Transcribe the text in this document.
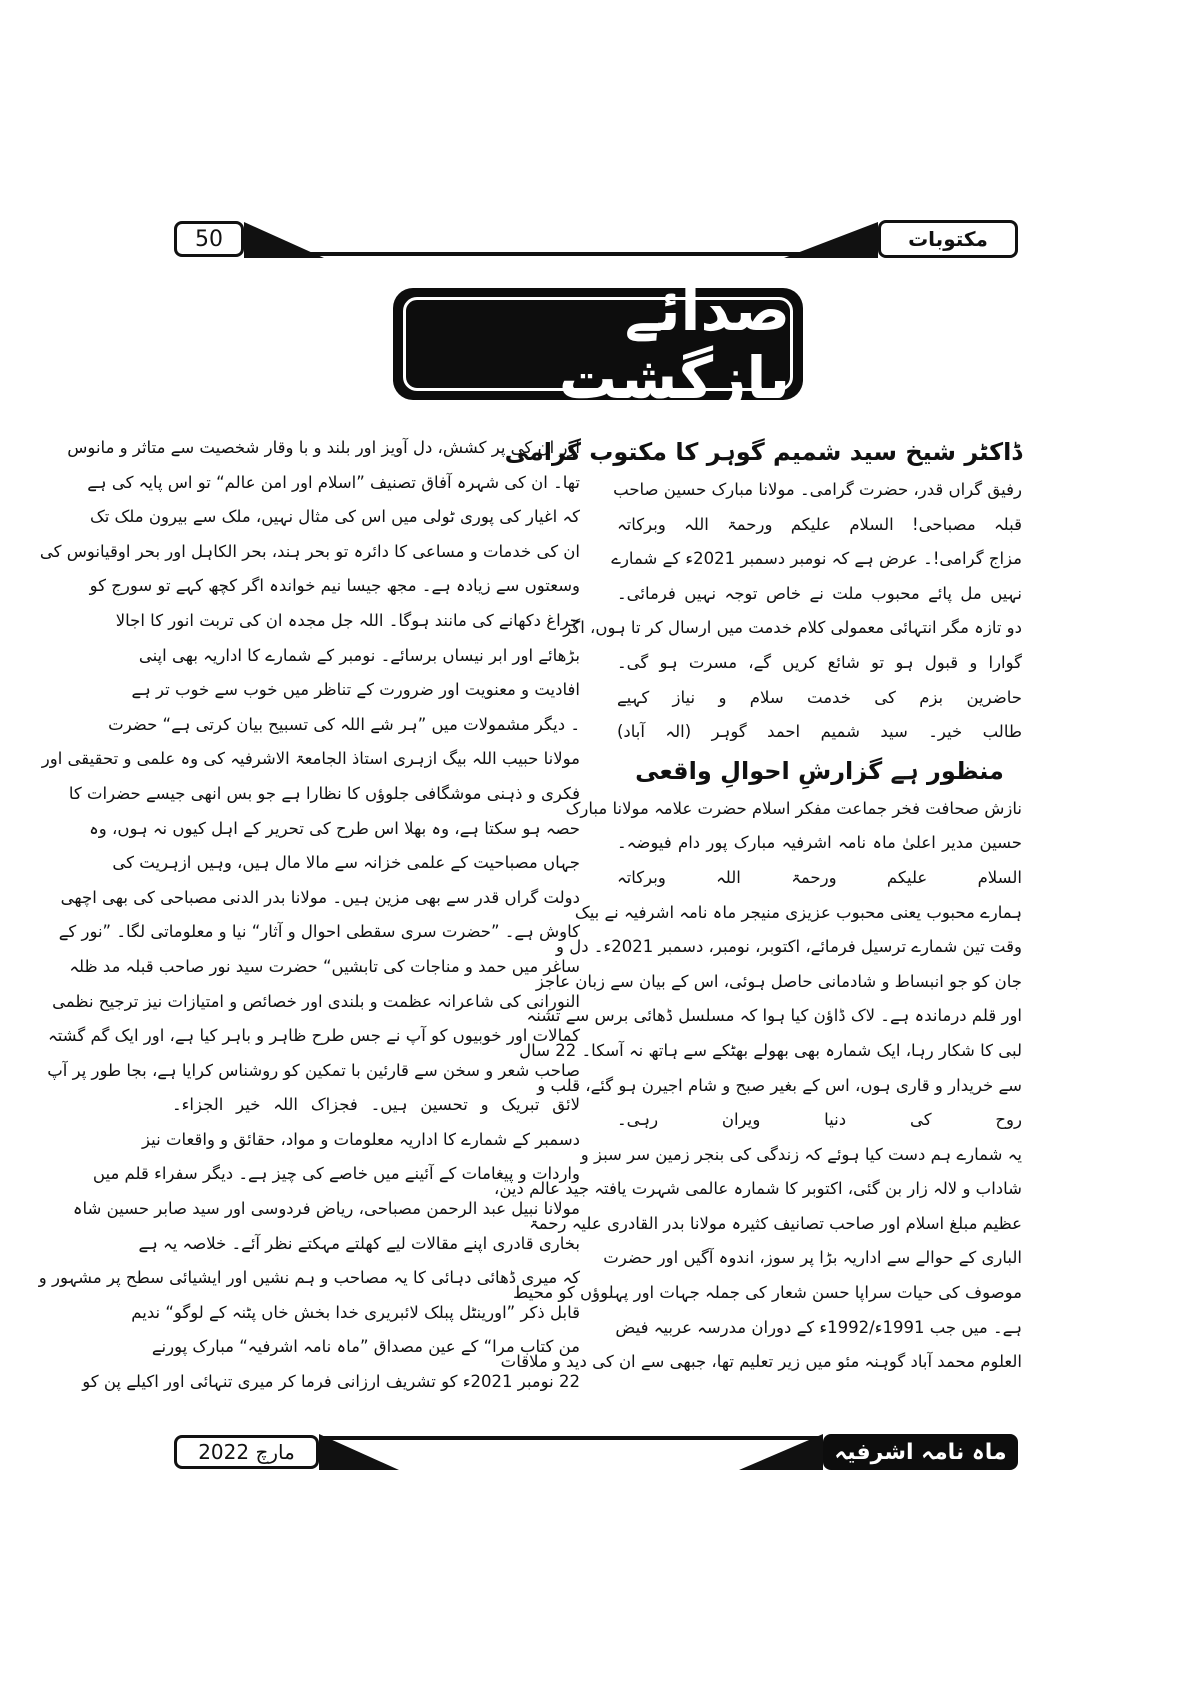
50	مکتوبات
صدائے بازگشت
ڈاکٹر شیخ سید شمیم گوہر کا مکتوب گرامی
رفیق گراں قدر، حضرت گرامی۔ مولانا مبارک حسین صاحب
قبلہ مصباحی! السلام علیکم ورحمۃ اللہ وبرکاتہ
مزاج گرامی!۔ عرض ہے کہ نومبر دسمبر 2021ء کے شمارے
نہیں مل پائے محبوب ملت نے خاص توجہ نہیں فرمائی۔
دو تازہ مگر انتہائی معمولی کلام خدمت میں ارسال کر تا ہوں، اگر
گوارا و قبول ہو تو شائع کریں گے، مسرت ہو گی۔
حاضرین بزم کی خدمت سلام و نیاز کہیے
طالب خیر۔ سید شمیم احمد گوہر (الہ آباد)
منظور ہے گزارشِ احوالِ واقعی
نازش صحافت فخر جماعت مفکر اسلام حضرت علامہ مولانا مبارک
حسین مدیر اعلیٰ ماہ نامہ اشرفیہ مبارک پور دام فیوضہ۔
السلام علیکم ورحمۃ اللہ وبرکاتہ
ہمارے محبوب یعنی محبوب عزیزی منیجر ماہ نامہ اشرفیہ نے بیک
وقت تین شمارے ترسیل فرمائے، اکتوبر، نومبر، دسمبر 2021ء۔ دل و
جان کو جو انبساط و شادمانی حاصل ہوئی، اس کے بیان سے زبان عاجز
اور قلم درماندہ ہے۔ لاک ڈاؤن کیا ہوا کہ مسلسل ڈھائی برس سے تشنہ
لبی کا شکار رہا، ایک شمارہ بھی بھولے بھٹکے سے ہاتھ نہ آسکا۔ 22 سال
سے خریدار و قاری ہوں، اس کے بغیر صبح و شام اجیرن ہو گئے، قلب و
روح کی دنیا ویران رہی۔
یہ شمارے ہم دست کیا ہوئے کہ زندگی کی بنجر زمین سر سبز و
شاداب و لالہ زار بن گئی، اکتوبر کا شمارہ عالمی شہرت یافتہ جید عالم دین،
عظیم مبلغ اسلام اور صاحب تصانیف کثیرہ مولانا بدر القادری علیہ رحمۃ
الباری کے حوالے سے اداریہ بڑا پر سوز، اندوہ آگیں اور حضرت
موصوف کی حیات سراپا حسن شعار کی جملہ جہات اور پہلوؤں کو محیط
ہے۔ میں جب 1991ء/1992ء کے دوران مدرسہ عربیہ فیض
العلوم محمد آباد گوہنہ مئو میں زیر تعلیم تھا، جبھی سے ان کی دید و ملاقات
اور ان کی پر کشش، دل آویز اور بلند و با وقار شخصیت سے متاثر و مانوس
تھا۔ ان کی شہرہ آفاق تصنیف ”اسلام اور امن عالم“ تو اس پایہ کی ہے
کہ اغیار کی پوری ٹولی میں اس کی مثال نہیں، ملک سے بیرون ملک تک
ان کی خدمات و مساعی کا دائرہ تو بحر ہند، بحر الکاہل اور بحر اوقیانوس کی
وسعتوں سے زیادہ ہے۔ مجھ جیسا نیم خواندہ اگر کچھ کہے تو سورج کو
چراغ دکھانے کی مانند ہوگا۔ اللہ جل مجدہ ان کی تربت انور کا اجالا
بڑھائے اور ابر نیساں برسائے۔ نومبر کے شمارے کا اداریہ بھی اپنی
افادیت و معنویت اور ضرورت کے تناظر میں خوب سے خوب تر ہے
۔ دیگر مشمولات میں ”ہر شے اللہ کی تسبیح بیان کرتی ہے“ حضرت
مولانا حبیب اللہ بیگ ازہری استاذ الجامعۃ الاشرفیہ کی وہ علمی و تحقیقی اور
فکری و ذہنی موشگافی جلوؤں کا نظارا ہے جو بس انھی جیسے حضرات کا
حصہ ہو سکتا ہے، وہ بھلا اس طرح کی تحریر کے اہل کیوں نہ ہوں، وہ
جہاں مصباحیت کے علمی خزانہ سے مالا مال ہیں، وہیں ازہریت کی
دولت گراں قدر سے بھی مزین ہیں۔ مولانا بدر الدنی مصباحی کی بھی اچھی
کاوش ہے۔ ”حضرت سری سقطی احوال و آثار“ نیا و معلوماتی لگا۔ ”نور کے
ساغر میں حمد و مناجات کی تابشیں“ حضرت سید نور صاحب قبلہ مد ظلہ
النورانی کی شاعرانہ عظمت و بلندی اور خصائص و امتیازات نیز ترجیح نظمی
کمالات اور خوبیوں کو آپ نے جس طرح ظاہر و باہر کیا ہے، اور ایک گم گشتہ
صاحب شعر و سخن سے قارئین با تمکین کو روشناس کرایا ہے، بجا طور پر آپ
لائق تبریک و تحسین ہیں۔ فجزاک اللہ خیر الجزاء۔
دسمبر کے شمارے کا اداریہ معلومات و مواد، حقائق و واقعات نیز
واردات و پیغامات کے آئینے میں خاصے کی چیز ہے۔ دیگر سفراء قلم میں
مولانا نبیل عبد الرحمن مصباحی، ریاض فردوسی اور سید صابر حسین شاہ
بخاری قادری اپنے مقالات لیے کھلتے مہکتے نظر آئے۔ خلاصہ یہ ہے
کہ میری ڈھائی دہائی کا یہ مصاحب و ہم نشیں اور ایشیائی سطح پر مشہور و
قابل ذکر ”اورینٹل پبلک لائبریری خدا بخش خاں پٹنہ کے لوگو“ ندیم
من کتاب مرا“ کے عین مصداق ”ماہ نامہ اشرفیہ“ مبارک پورنے
22 نومبر 2021ء کو تشریف ارزانی فرما کر میری تنہائی اور اکیلے پن کو
مارچ 2022	ماہ نامہ اشرفیہ
